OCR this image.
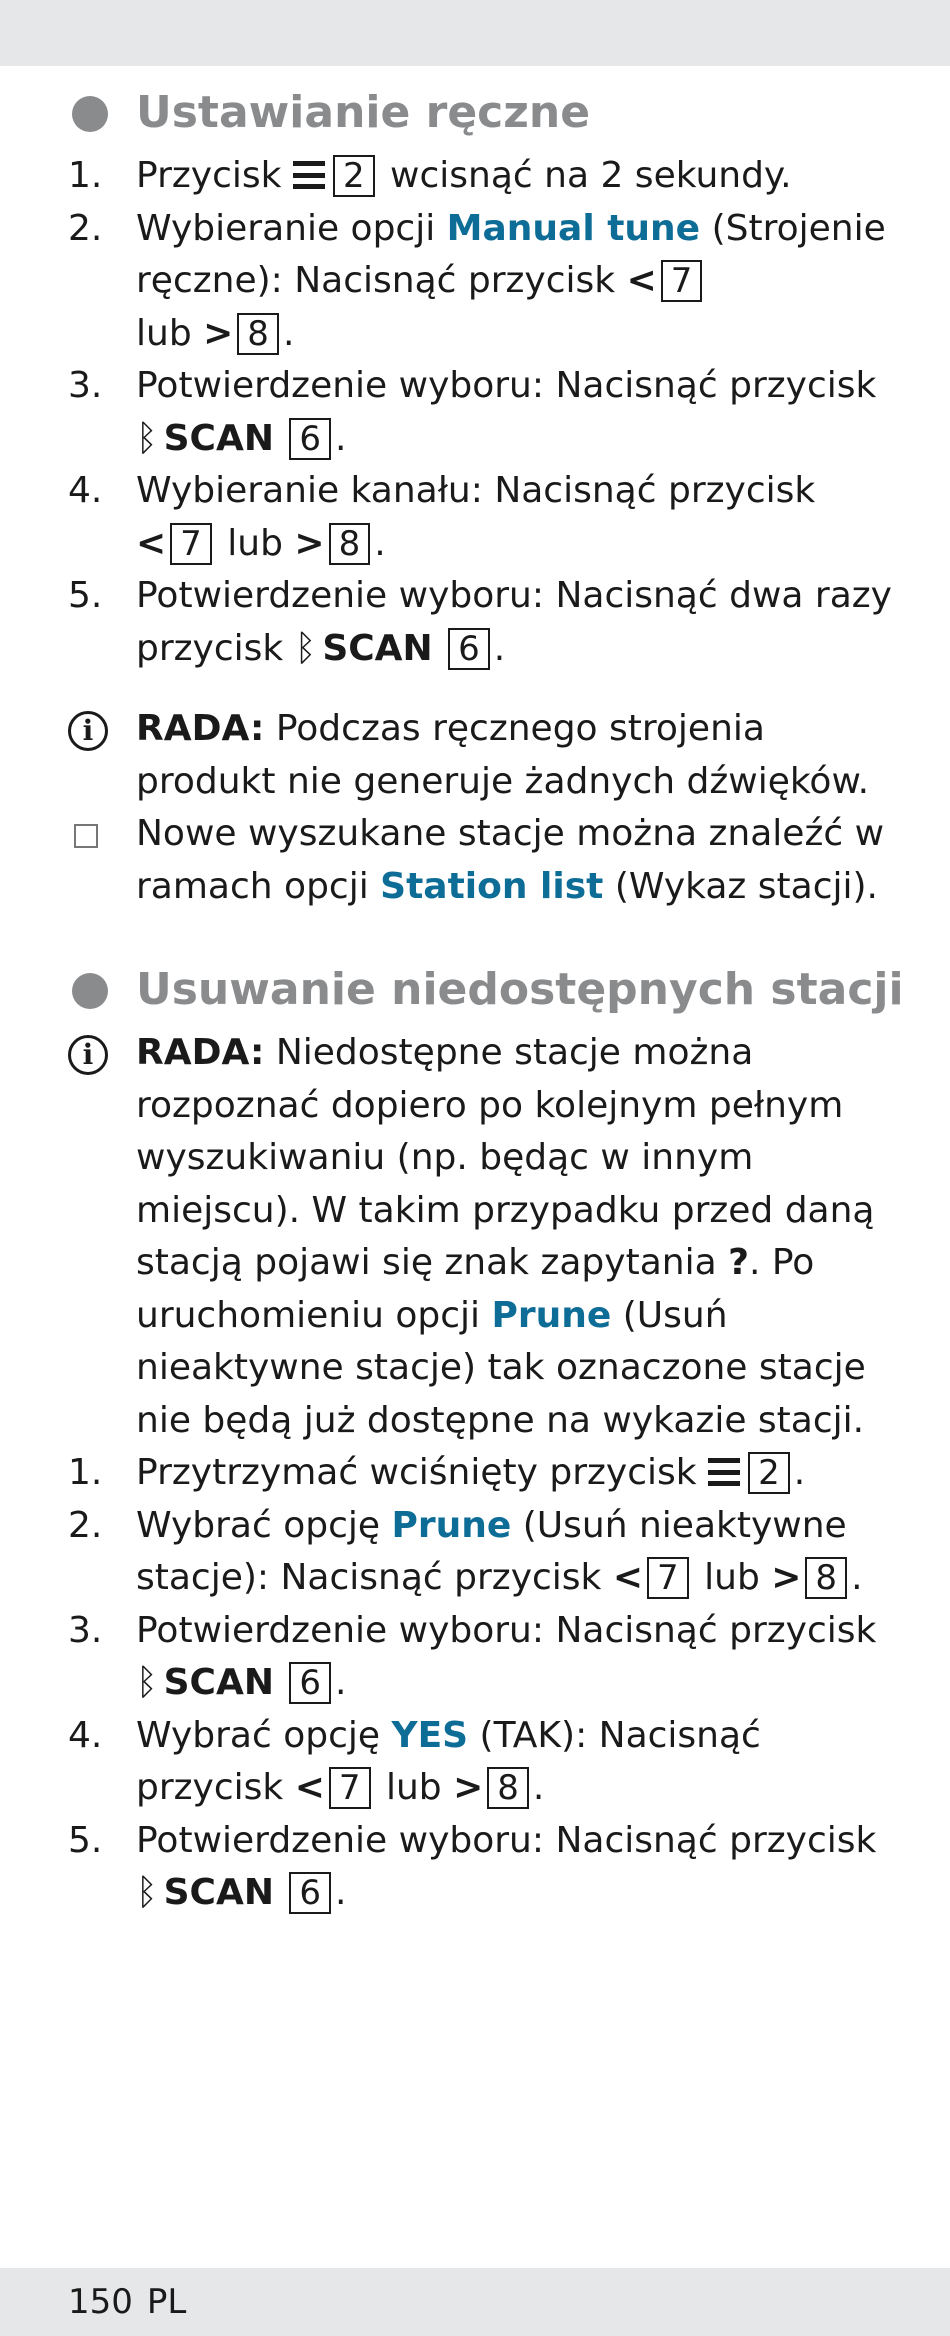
Ustawianie ręczne
1. Przycisk 2 wcisnąć na 2 sekundy.
2. Wybieranie opcji Manual tune (Strojenie ręczne): Nacisnąć przycisk < 7
lub > 8 .
3. Potwierdzenie wyboru: Nacisnąć przycisk
ᛒ SCAN 6 .
4. Wybieranie kanału: Nacisnąć przycisk
< 7 lub > 8 .
5. Potwierdzenie wyboru: Nacisnąć dwa razy przycisk ᛒ SCAN 6 .
i	RADA: Podczas ręcznego strojenia produkt nie generuje żadnych dźwięków.
Nowe wyszukane stacje można znaleźć w ramach opcji Station list (Wykaz stacji).
Usuwanie niedostępnych stacji
i	RADA: Niedostępne stacje można rozpoznać dopiero po kolejnym pełnym wyszukiwaniu (np. będąc w innym miejscu). W takim przypadku przed daną stacją pojawi się znak zapytania ?. Po uruchomieniu opcji Prune (Usuń nieaktywne stacje) tak oznaczone stacje nie będą już dostępne na wykazie stacji.
1. Przytrzymać wciśnięty przycisk 2 .
2. Wybrać opcję Prune (Usuń nieaktywne stacje): Nacisnąć przycisk < 7 lub > 8 .
3. Potwierdzenie wyboru: Nacisnąć przycisk
ᛒ SCAN 6 .
4. Wybrać opcję YES (TAK): Nacisnąć przycisk < 7 lub > 8 .
5. Potwierdzenie wyboru: Nacisnąć przycisk
ᛒ SCAN 6 .
150 PL
